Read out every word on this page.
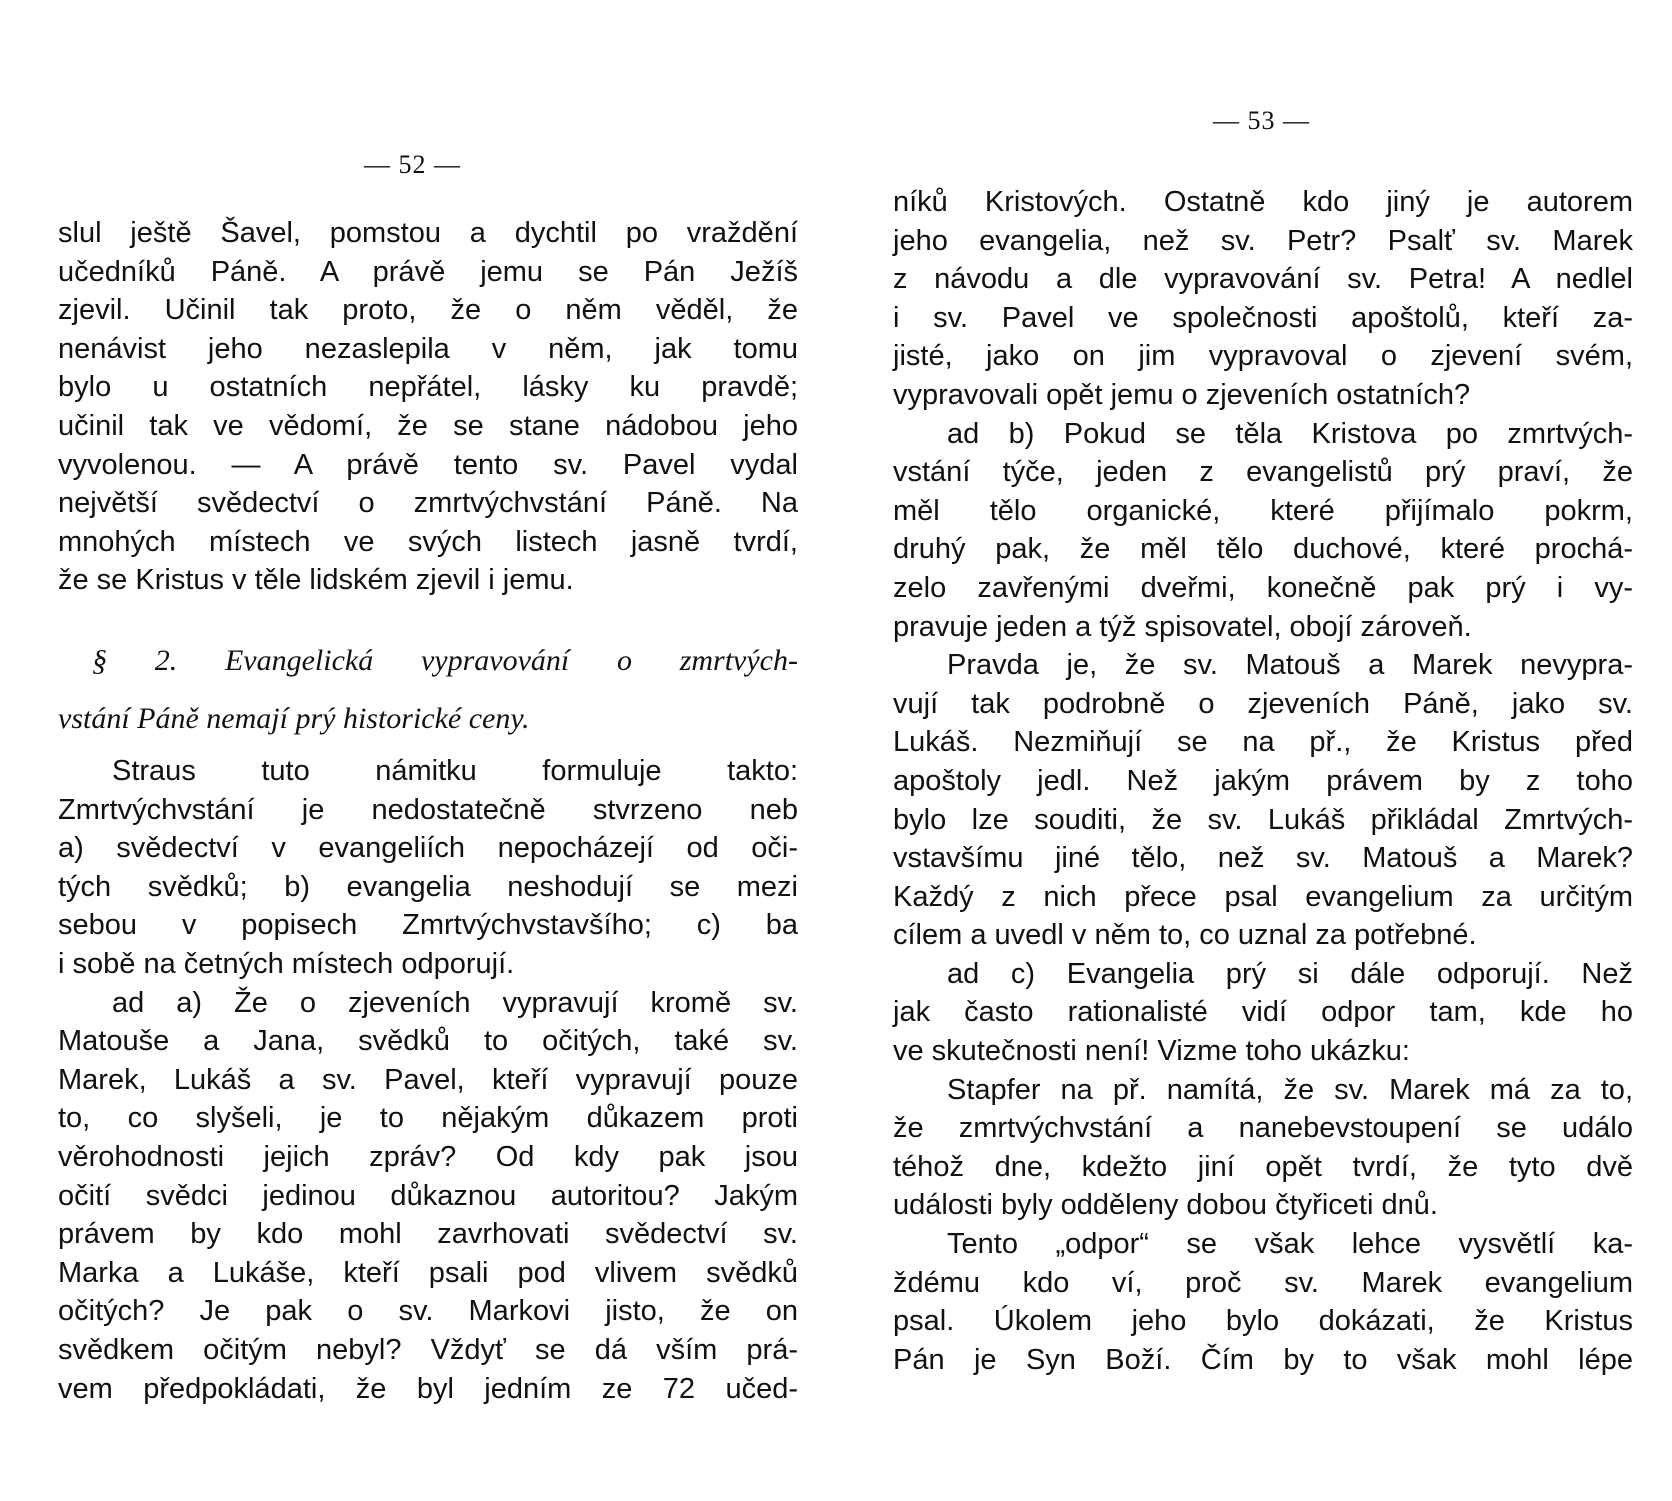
— 52 —
slul ještě Šavel, pomstou a dychtil po vraždění
učedníků Páně. A právě jemu se Pán Ježíš
zjevil. Učinil tak proto, že o něm věděl, že
nenávist jeho nezaslepila v něm, jak tomu
bylo u ostatních nepřátel, lásky ku pravdě;
učinil tak ve vědomí, že se stane nádobou jeho
vyvolenou. — A právě tento sv. Pavel vydal
největší svědectví o zmrtvýchvstání Páně. Na
mnohých místech ve svých listech jasně tvrdí,
že se Kristus v těle lidském zjevil i jemu.
§ 2. Evangelická vypravování o zmrtvých-
vstání Páně nemají prý historické ceny.
Straus tuto námitku formuluje takto:
Zmrtvýchvstání je nedostatečně stvrzeno neb
a) svědectví v evangeliích nepocházejí od oči-
tých svědků; b) evangelia neshodují se mezi
sebou v popisech Zmrtvýchvstavšího; c) ba
i sobě na četných místech odporují.
ad a) Že o zjeveních vypravují kromě sv.
Matouše a Jana, svědků to očitých, také sv.
Marek, Lukáš a sv. Pavel, kteří vypravují pouze
to, co slyšeli, je to nějakým důkazem proti
věrohodnosti jejich zpráv? Od kdy pak jsou
očití svědci jedinou důkaznou autoritou? Jakým
právem by kdo mohl zavrhovati svědectví sv.
Marka a Lukáše, kteří psali pod vlivem svědků
očitých? Je pak o sv. Markovi jisto, že on
svědkem očitým nebyl? Vždyť se dá vším prá-
vem předpokládati, že byl jedním ze 72 učed-
— 53 —
níků Kristových. Ostatně kdo jiný je autorem
jeho evangelia, než sv. Petr? Psalť sv. Marek
z návodu a dle vypravování sv. Petra! A nedlel
i sv. Pavel ve společnosti apoštolů, kteří za-
jisté, jako on jim vypravoval o zjevení svém,
vypravovali opět jemu o zjeveních ostatních?
ad b) Pokud se těla Kristova po zmrtvých-
vstání týče, jeden z evangelistů prý praví, že
měl tělo organické, které přijímalo pokrm,
druhý pak, že měl tělo duchové, které prochá-
zelo zavřenými dveřmi, konečně pak prý i vy-
pravuje jeden a týž spisovatel, obojí zároveň.
Pravda je, že sv. Matouš a Marek nevypra-
vují tak podrobně o zjeveních Páně, jako sv.
Lukáš. Nezmiňují se na př., že Kristus před
apoštoly jedl. Než jakým právem by z toho
bylo lze souditi, že sv. Lukáš přikládal Zmrtvých-
vstavšímu jiné tělo, než sv. Matouš a Marek?
Každý z nich přece psal evangelium za určitým
cílem a uvedl v něm to, co uznal za potřebné.
ad c) Evangelia prý si dále odporují. Než
jak často rationalisté vidí odpor tam, kde ho
ve skutečnosti není! Vizme toho ukázku:
Stapfer na př. namítá, že sv. Marek má za to,
že zmrtvýchvstání a nanebevstoupení se událo
téhož dne, kdežto jiní opět tvrdí, že tyto dvě
události byly odděleny dobou čtyřiceti dnů.
Tento „odpor“ se však lehce vysvětlí ka-
ždému kdo ví, proč sv. Marek evangelium
psal. Úkolem jeho bylo dokázati, že Kristus
Pán je Syn Boží. Čím by to však mohl lépe
